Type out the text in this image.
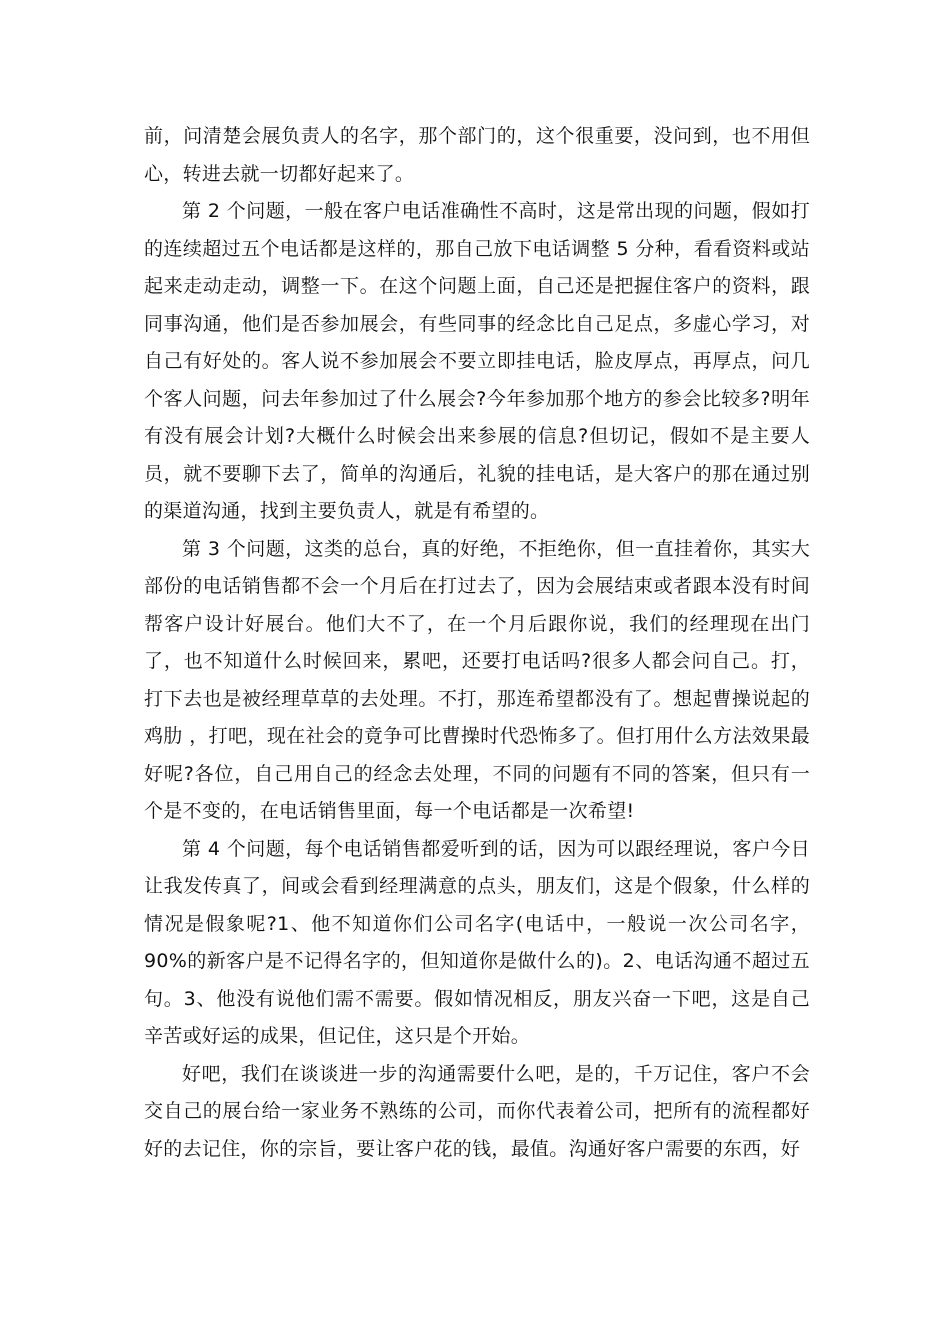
前，问清楚会展负责人的名字，那个部门的，这个很重要，没问到，也不用但心，转进去就一切都好起来了。

第 2 个问题，一般在客户电话准确性不高时，这是常出现的问题，假如打的连续超过五个电话都是这样的，那自己放下电话调整 5 分种，看看资料或站起来走动走动，调整一下。在这个问题上面，自己还是把握住客户的资料，跟同事沟通，他们是否参加展会，有些同事的经念比自己足点，多虚心学习，对自己有好处的。客人说不参加展会不要立即挂电话，脸皮厚点，再厚点，问几个客人问题，问去年参加过了什么展会?今年参加那个地方的参会比较多?明年有没有展会计划?大概什么时候会出来参展的信息?但切记，假如不是主要人员，就不要聊下去了，简单的沟通后，礼貌的挂电话，是大客户的那在通过别的渠道沟通，找到主要负责人，就是有希望的。

第 3 个问题，这类的总台，真的好绝，不拒绝你，但一直挂着你，其实大部份的电话销售都不会一个月后在打过去了，因为会展结束或者跟本没有时间帮客户设计好展台。他们大不了，在一个月后跟你说，我们的经理现在出门了，也不知道什么时候回来，累吧，还要打电话吗?很多人都会问自己。打，打下去也是被经理草草的去处理。不打，那连希望都没有了。想起曹操说起的 鸡肋 ，打吧，现在社会的竟争可比曹操时代恐怖多了。但打用什么方法效果最好呢?各位，自己用自己的经念去处理，不同的问题有不同的答案，但只有一个是不变的，在电话销售里面，每一个电话都是一次希望!

第 4 个问题，每个电话销售都爱听到的话，因为可以跟经理说，客户今日让我发传真了，间或会看到经理满意的点头，朋友们，这是个假象，什么样的情况是假象呢?1、他不知道你们公司名字(电话中，一般说一次公司名字，90%的新客户是不记得名字的，但知道你是做什么的)。2、电话沟通不超过五句。3、他没有说他们需不需要。假如情况相反，朋友兴奋一下吧，这是自己辛苦或好运的成果，但记住，这只是个开始。

好吧，我们在谈谈进一步的沟通需要什么吧，是的，千万记住，客户不会交自己的展台给一家业务不熟练的公司，而你代表着公司，把所有的流程都好好的去记住，你的宗旨，要让客户花的钱，最值。沟通好客户需要的东西，好
